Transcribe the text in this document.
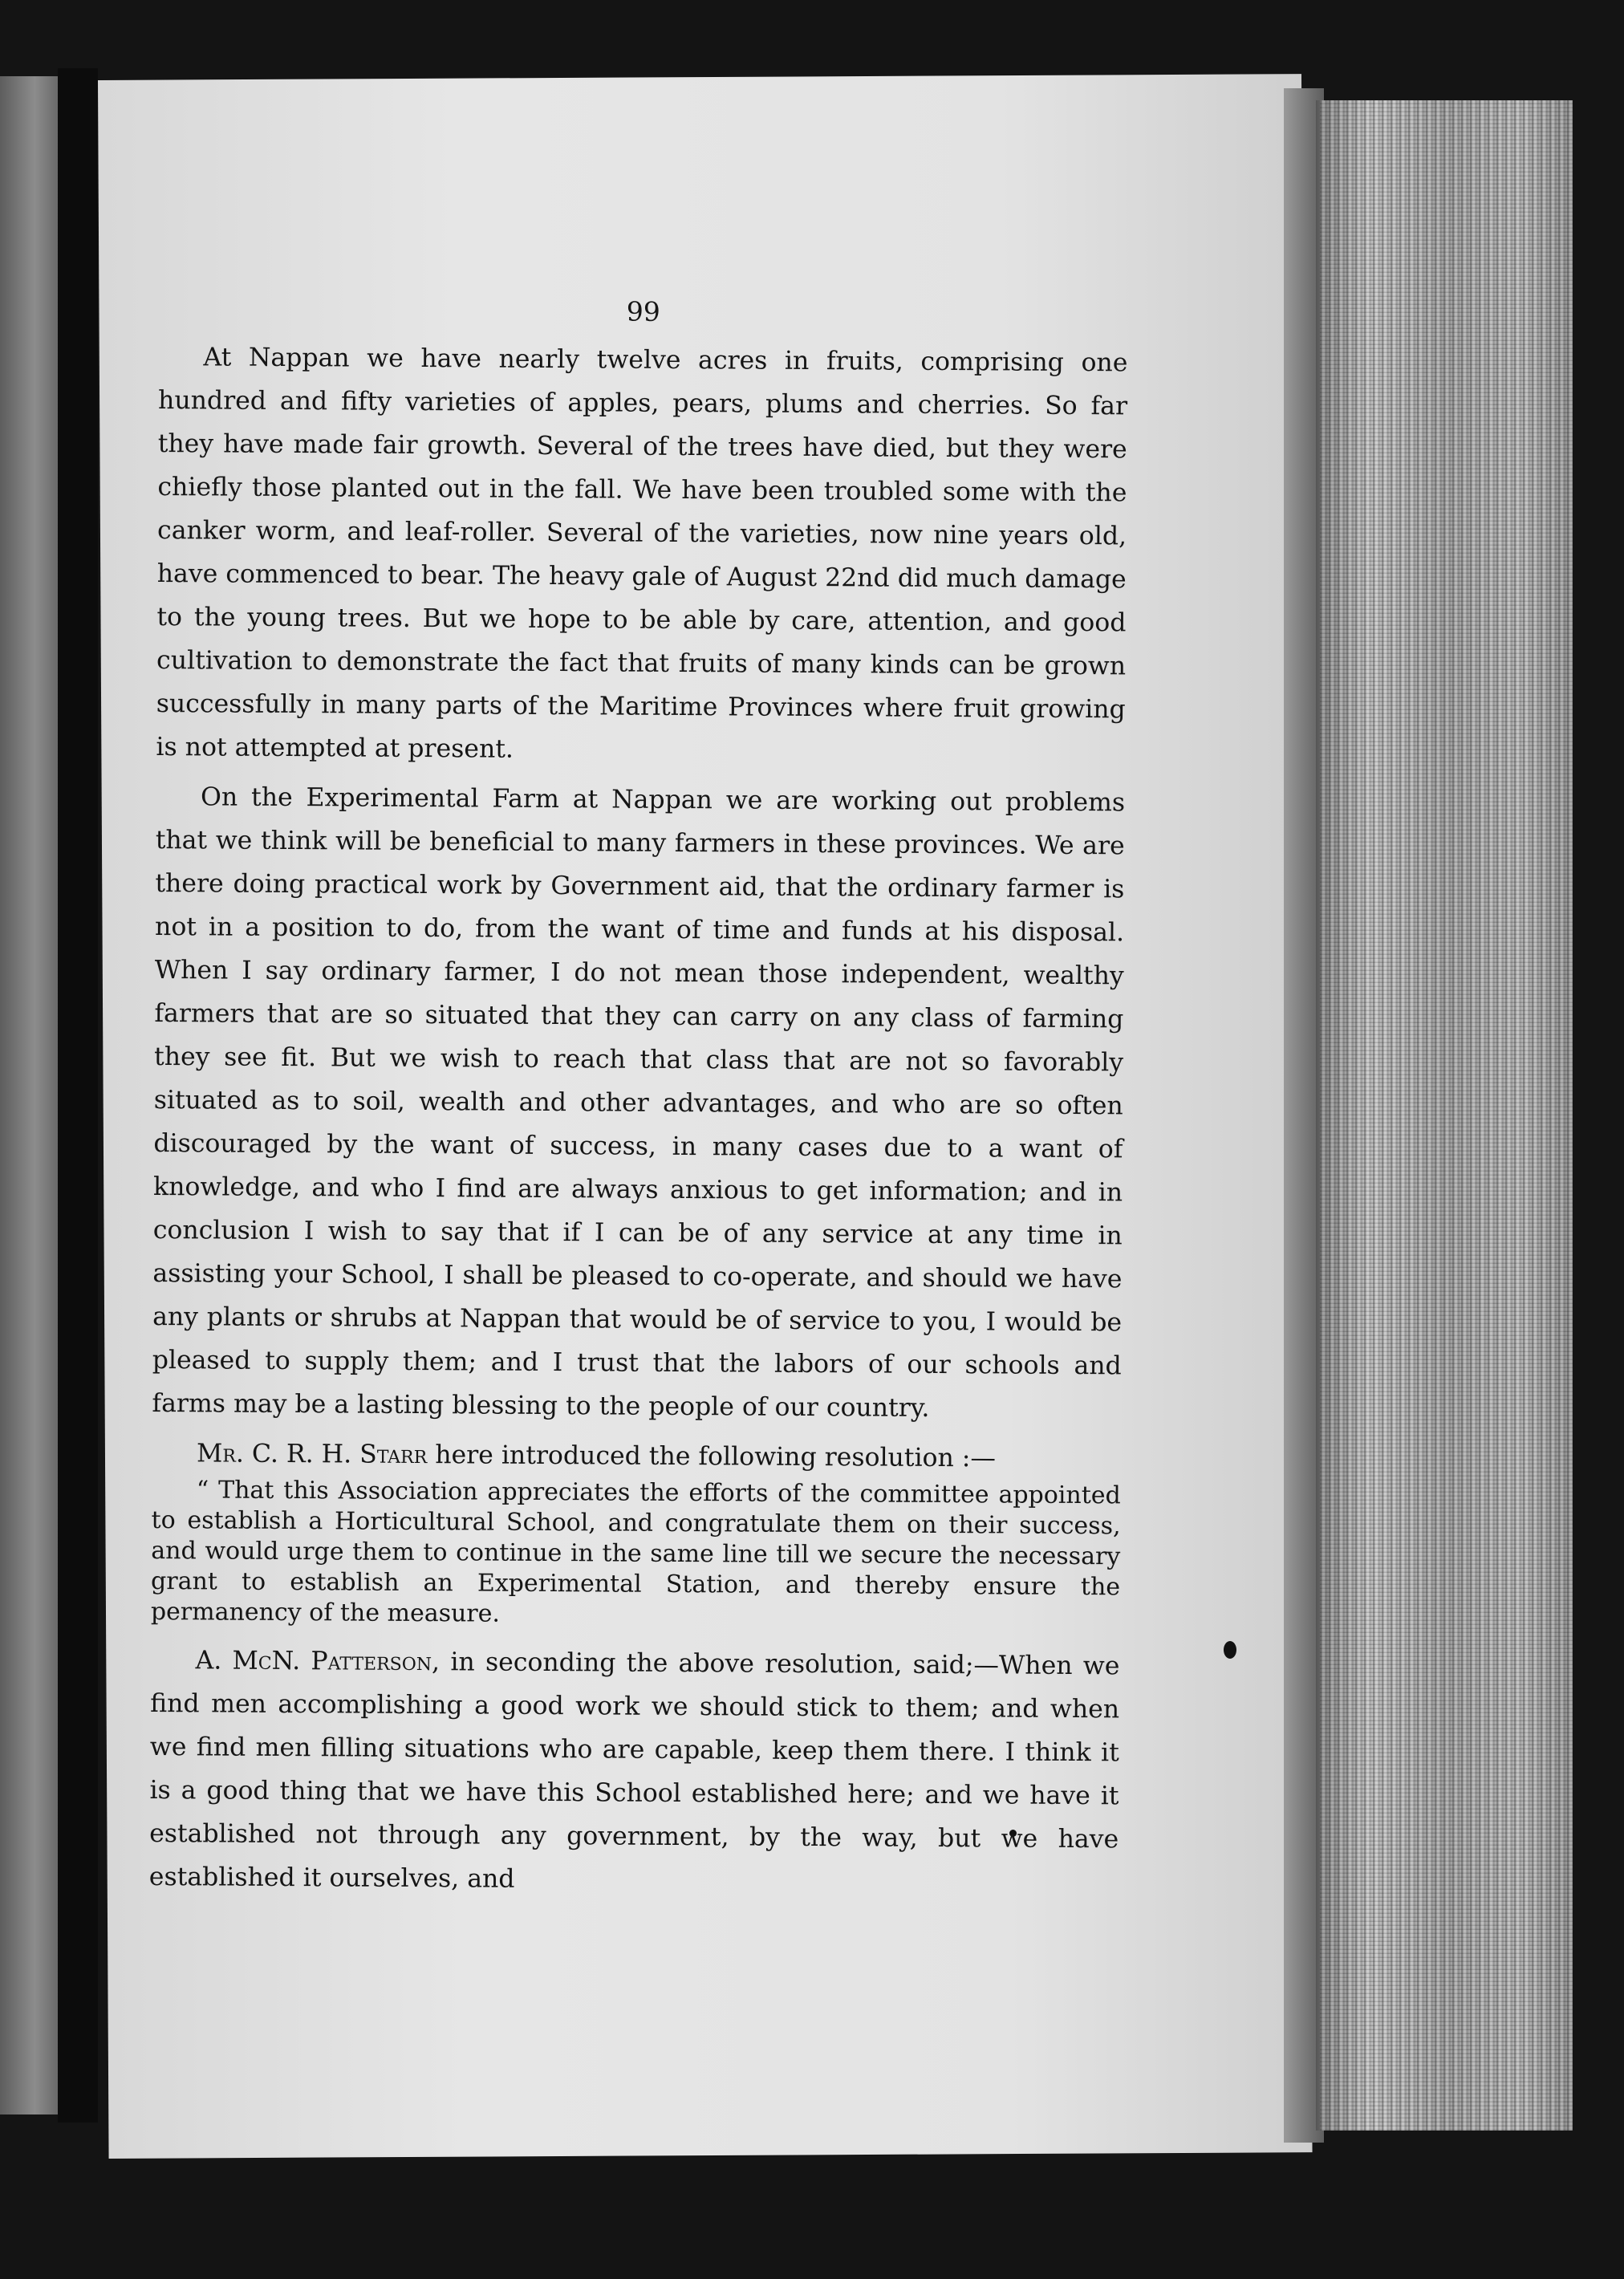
99

At Nappan we have nearly twelve acres in fruits, comprising one hundred and fifty varieties of apples, pears, plums and cherries. So far they have made fair growth. Several of the trees have died, but they were chiefly those planted out in the fall. We have been troubled some with the canker worm, and leaf-roller. Several of the varieties, now nine years old, have commenced to bear. The heavy gale of August 22nd did much damage to the young trees. But we hope to be able by care, attention, and good cultivation to demonstrate the fact that fruits of many kinds can be grown successfully in many parts of the Maritime Provinces where fruit growing is not attempted at present.

On the Experimental Farm at Nappan we are working out problems that we think will be beneficial to many farmers in these provinces. We are there doing practical work by Government aid, that the ordinary farmer is not in a position to do, from the want of time and funds at his disposal. When I say ordinary farmer, I do not mean those independent, wealthy farmers that are so situated that they can carry on any class of farming they see fit. But we wish to reach that class that are not so favorably situated as to soil, wealth and other advantages, and who are so often discouraged by the want of success, in many cases due to a want of knowledge, and who I find are always anxious to get information; and in conclusion I wish to say that if I can be of any service at any time in assisting your School, I shall be pleased to co-operate, and should we have any plants or shrubs at Nappan that would be of service to you, I would be pleased to supply them; and I trust that the labors of our schools and farms may be a lasting blessing to the people of our country.

Mr. C. R. H. Starr here introduced the following resolution :—

“ That this Association appreciates the efforts of the committee appointed to establish a Horticultural School, and congratulate them on their success, and would urge them to continue in the same line till we secure the necessary grant to establish an Experimental Station, and thereby ensure the permanency of the measure.

A. McN. Patterson, in seconding the above resolution, said;—When we find men accomplishing a good work we should stick to them; and when we find men filling situations who are capable, keep them there. I think it is a good thing that we have this School established here; and we have it established not through any government, by the way, but we have established it ourselves, and
